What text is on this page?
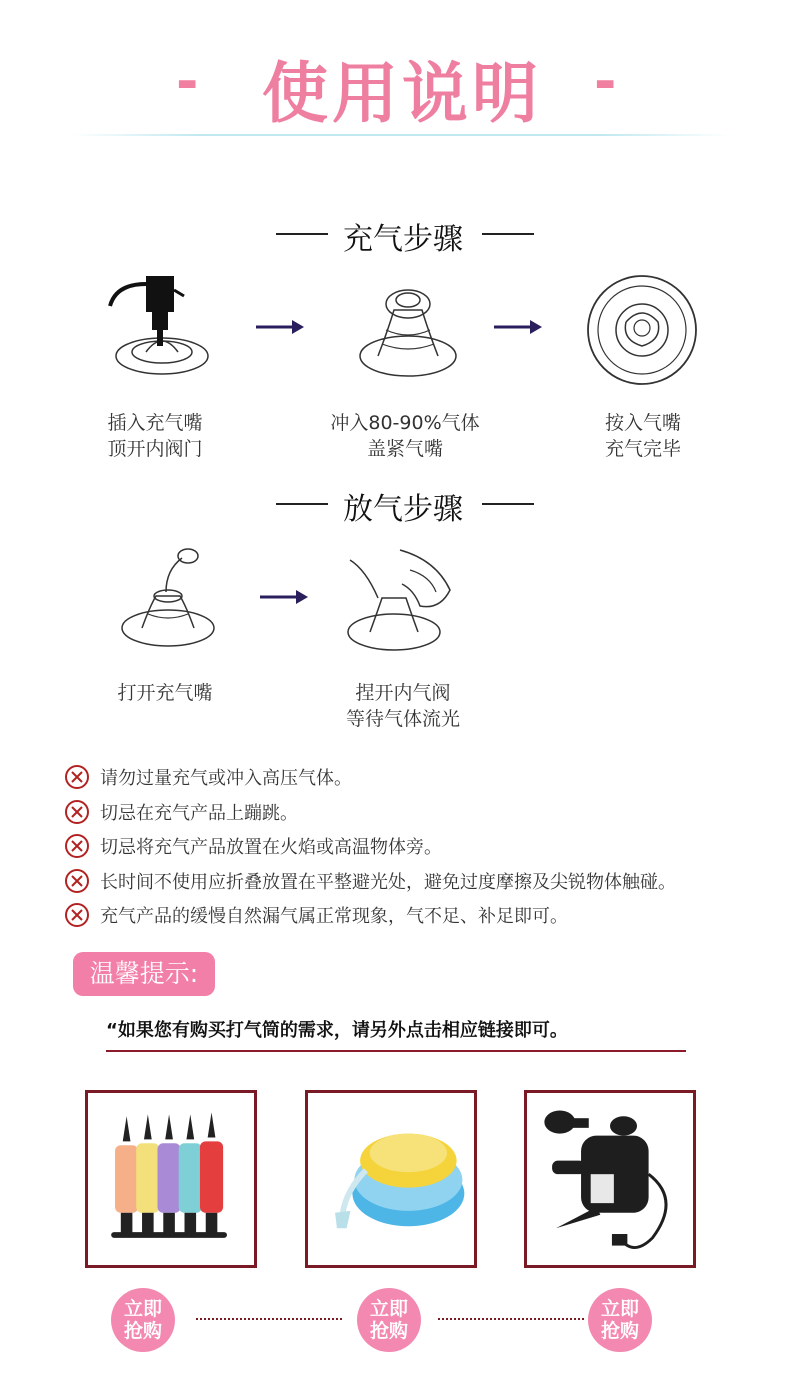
- 使用说明 -
充气步骤
插入充气嘴
顶开内阀门
冲入80-90%气体
盖紧气嘴
按入气嘴
充气完毕
放气步骤
打开充气嘴	捏开内气阀
等待气体流光
请勿过量充气或冲入高压气体。
切忌在充气产品上蹦跳。
切忌将充气产品放置在火焰或高温物体旁。
长时间不使用应折叠放置在平整避光处，避免过度摩擦及尖锐物体触碰。
充气产品的缓慢自然漏气属正常现象，气不足、补足即可。
温馨提示:
“如果您有购买打气筒的需求，请另外点击相应链接即可。
立即
抢购
立即
抢购
立即
抢购
